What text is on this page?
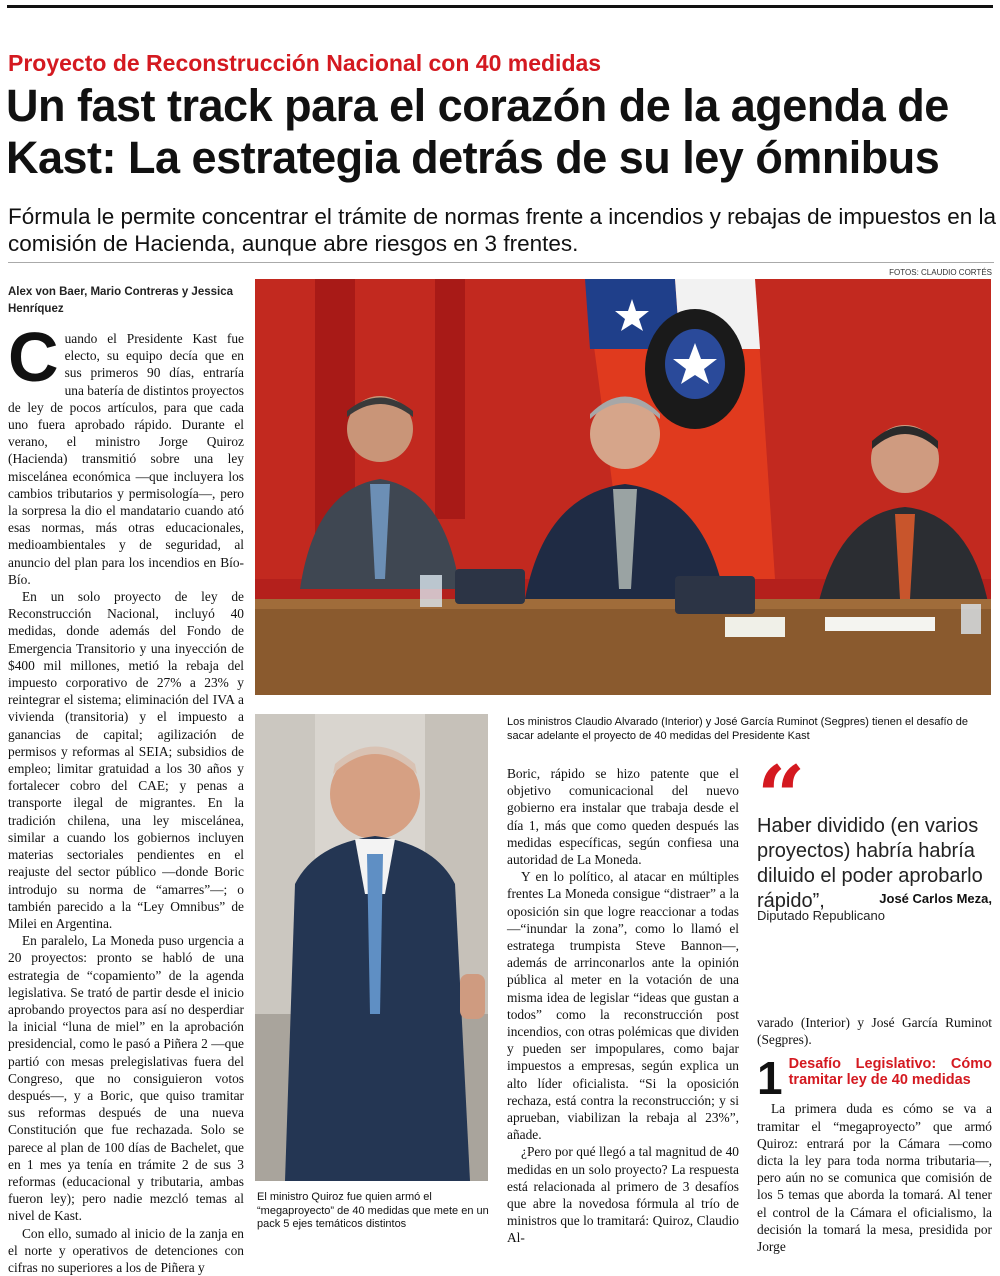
Proyecto de Reconstrucción Nacional con 40 medidas
Un fast track para el corazón de la agenda de Kast: La estrategia detrás de su ley ómnibus
Fórmula le permite concentrar el trámite de normas frente a incendios y rebajas de impuestos en la comisión de Hacienda, aunque abre riesgos en 3 frentes.
FOTOS: CLAUDIO CORTÉS
Alex von Baer, Mario Contreras y Jessica Henríquez

Cuando el Presidente Kast fue electo, su equipo decía que en sus primeros 90 días, entraría una batería de distintos proyectos de ley de pocos artículos, para que cada uno fuera aprobado rápido. Durante el verano, el ministro Jorge Quiroz (Hacienda) transmitió sobre una ley miscelánea económica —que incluyera los cambios tributarios y permisología—, pero la sorpresa la dio el mandatario cuando ató esas normas, más otras educacionales, medioambientales y de seguridad, al anuncio del plan para los incendios en Bío-Bío.

En un solo proyecto de ley de Reconstrucción Nacional, incluyó 40 medidas, donde además del Fondo de Emergencia Transitorio y una inyección de $400 mil millones, metió la rebaja del impuesto corporativo de 27% a 23% y reintegrar el sistema; eliminación del IVA a vivienda (transitoria) y el impuesto a ganancias de capital; agilización de permisos y reformas al SEIA; subsidios de empleo; limitar gratuidad a los 30 años y fortalecer cobro del CAE; y penas a transporte ilegal de migrantes. En la tradición chilena, una ley miscelánea, similar a cuando los gobiernos incluyen materias sectoriales pendientes en el reajuste del sector público —donde Boric introdujo su norma de “amarres”—; o también parecido a la “Ley Omnibus” de Milei en Argentina.

En paralelo, La Moneda puso urgencia a 20 proyectos: pronto se habló de una estrategia de “copamiento” de la agenda legislativa. Se trató de partir desde el inicio aprobando proyectos para así no desperdiar la inicial “luna de miel” en la aprobación presidencial, como le pasó a Piñera 2 —que partió con mesas prelegislativas fuera del Congreso, que no consiguieron votos después—, y a Boric, que quiso tramitar sus reformas después de una nueva Constitución que fue rechazada. Solo se parece al plan de 100 días de Bachelet, que en 1 mes ya tenía en trámite 2 de sus 3 reformas (educacional y tributaria, ambas fueron ley); pero nadie mezcló temas al nivel de Kast.

Con ello, sumado al inicio de la zanja en el norte y operativos de detenciones con cifras no superiores a los de Piñera y

Los ministros Claudio Alvarado (Interior) y José García Ruminot (Segpres) tienen el desafío de sacar adelante el proyecto de 40 medidas del Presidente Kast
El ministro Quiroz fue quien armó el “megaproyecto” de 40 medidas que mete en un pack 5 ejes temáticos distintos

Boric, rápido se hizo patente que el objetivo comunicacional del nuevo gobierno era instalar que trabaja desde el día 1, más que como queden después las medidas específicas, según confiesa una autoridad de La Moneda.

Y en lo político, al atacar en múltiples frentes La Moneda consigue “distraer” a la oposición sin que logre reaccionar a todas —“inundar la zona”, como lo llamó el estratega trumpista Steve Bannon—, además de arrinconarlos ante la opinión pública al meter en la votación de una misma idea de legislar “ideas que gustan a todos” como la reconstrucción post incendios, con otras polémicas que dividen y pueden ser impopulares, como bajar impuestos a empresas, según explica un alto líder oficialista. “Si la oposición rechaza, está contra la reconstrucción; y si aprueban, viabilizan la rebaja al 23%”, añade.

¿Pero por qué llegó a tal magnitud de 40 medidas en un solo proyecto? La respuesta está relacionada al primero de 3 desafíos que abre la novedosa fórmula al trío de ministros que lo tramitará: Quiroz, Claudio Al-

“
Haber dividido (en varios proyectos) habría habría diluido el poder aprobarlo rápido”,	José Carlos Meza,
Diputado Republicano

varado (Interior) y José García Ruminot (Segpres).

1 Desafío Legislativo: Cómo tramitar ley de 40 medidas

La primera duda es cómo se va a tramitar el “megaproyecto” que armó Quiroz: entrará por la Cámara —como dicta la ley para toda norma tributaria—, pero aún no se comunica que comisión de los 5 temas que aborda la tomará. Al tener el control de la Cámara el oficialismo, la decisión la tomará la mesa, presidida por Jorge
